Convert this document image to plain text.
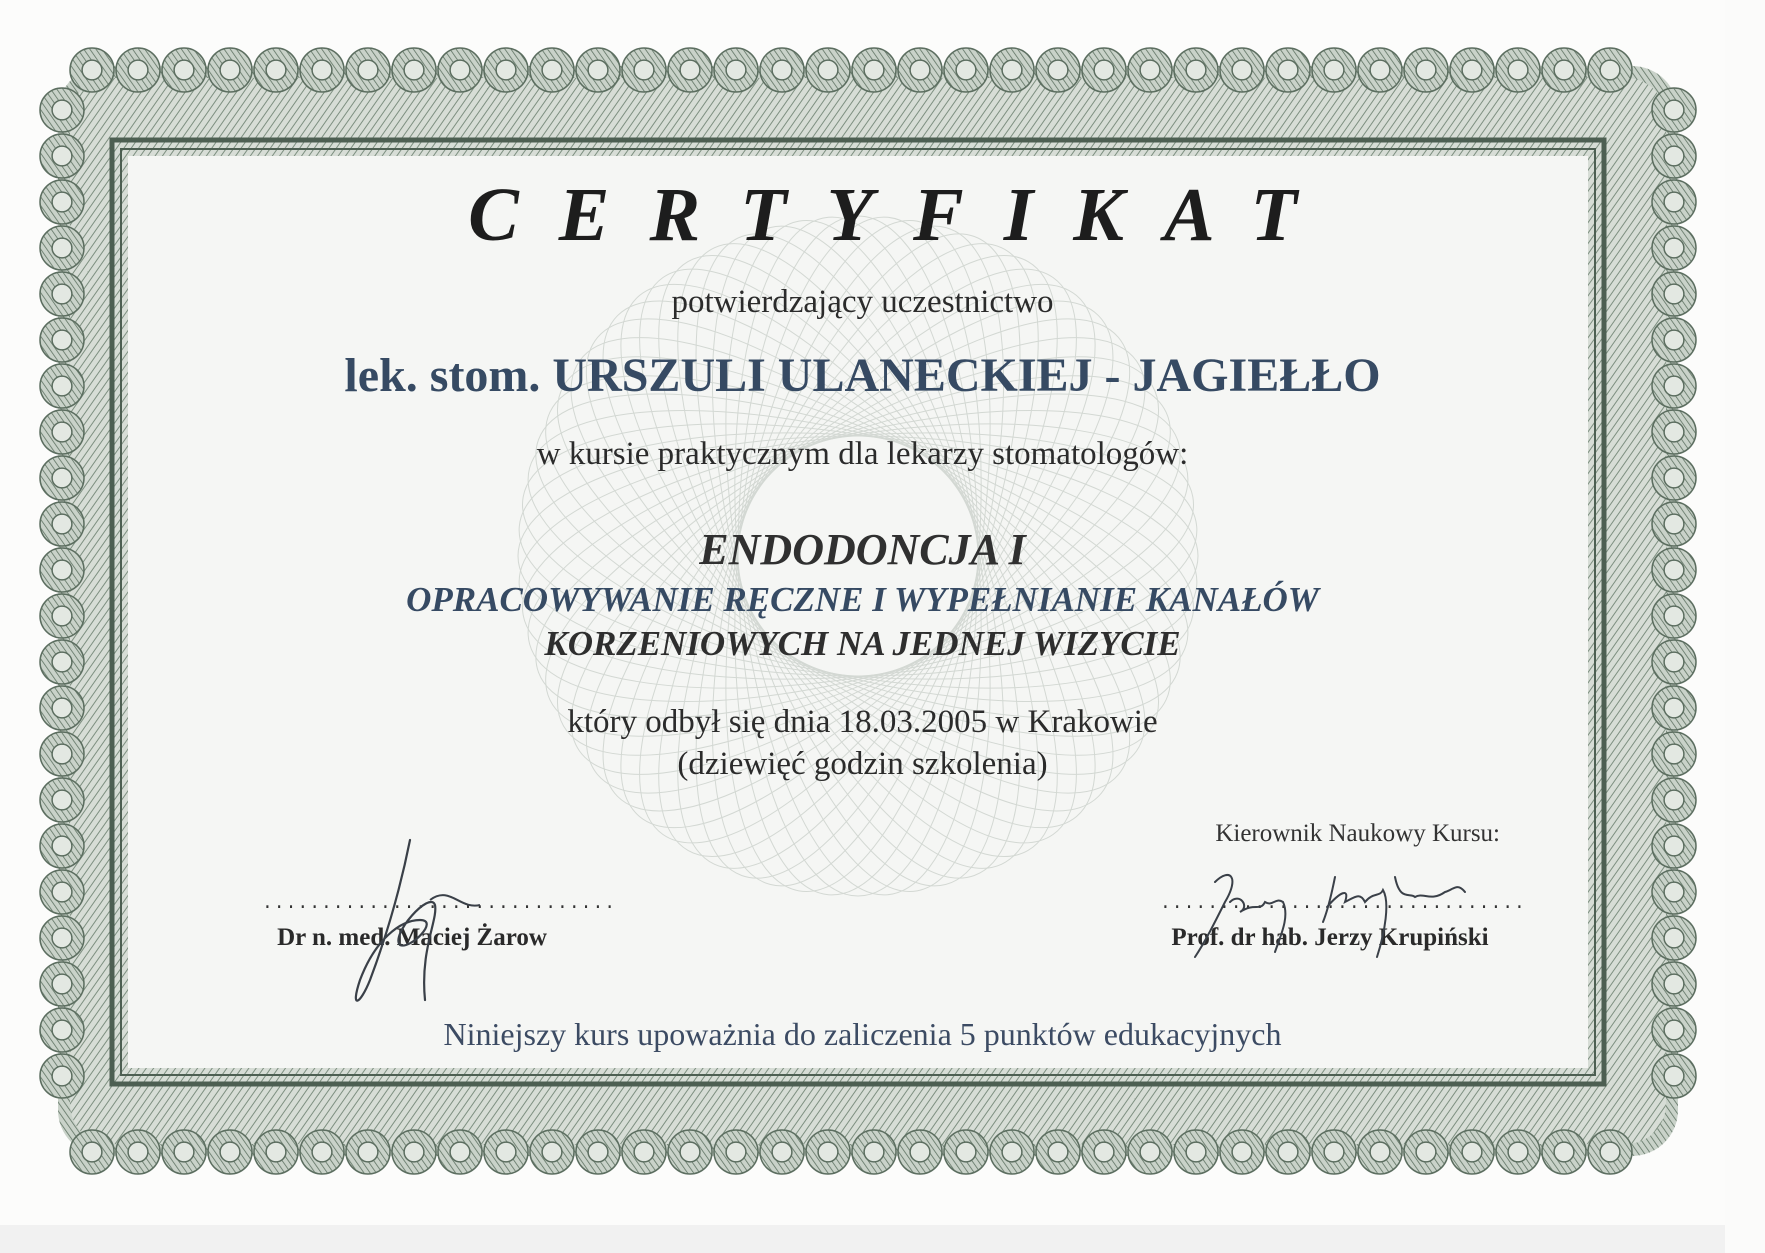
CERTYFIKAT
potwierdzający uczestnictwo
lek. stom. URSZULI ULANECKIEJ - JAGIEŁŁO
w kursie praktycznym dla lekarzy stomatologów:
ENDODONCJA I
OPRACOWYWANIE RĘCZNE I WYPEŁNIANIE KANAŁÓW
KORZENIOWYCH NA JEDNEJ WIZYCIE
który odbył się dnia 18.03.2005 w Krakowie
(dziewięć godzin szkolenia)
..............................
Dr n. med. Maciej Żarow
Kierownik Naukowy Kursu:
...............................
Prof. dr hab. Jerzy Krupiński
Niniejszy kurs upoważnia do zaliczenia 5 punktów edukacyjnych
